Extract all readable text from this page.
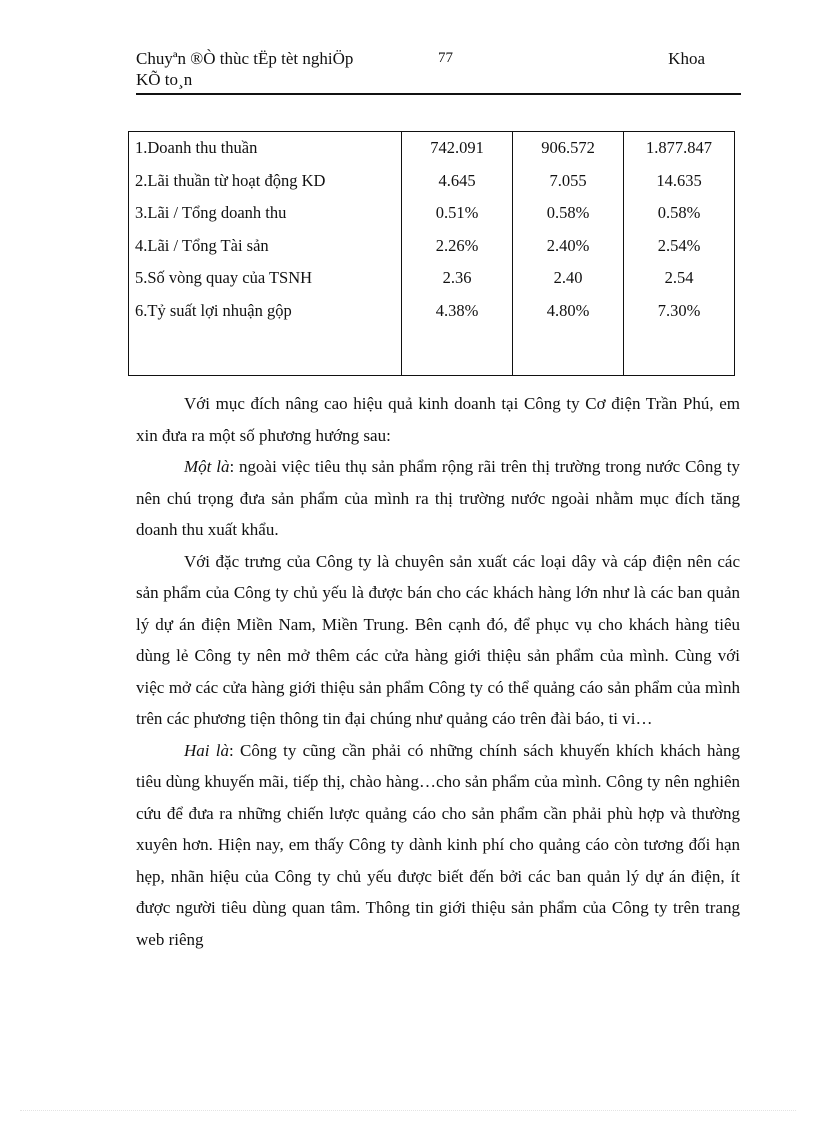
Chuyªn ®Ò thùc tËp tèt nghiÖp
KÕ to¸n
77	Khoa
1.Doanh thu thuần	742.091	906.572	1.877.847
2.Lãi thuần từ hoạt động KD	4.645	7.055	14.635
3.Lãi / Tổng doanh thu	0.51%	0.58%	0.58%
4.Lãi / Tổng Tài sản	2.26%	2.40%	2.54%
5.Số vòng quay của TSNH	2.36	2.40	2.54
6.Tỷ suất lợi nhuận gộp	4.38%	4.80%	7.30%

Với mục đích nâng cao hiệu quả kinh doanh tại Công ty Cơ điện Trần Phú, em xin đưa ra một số phương hướng sau:

Một là: ngoài việc tiêu thụ sản phẩm rộng rãi trên thị trường trong nước Công ty nên chú trọng đưa sản phẩm của mình ra thị trường nước ngoài nhằm mục đích tăng doanh thu xuất khẩu.

Với đặc trưng của Công ty là chuyên sản xuất các loại dây và cáp điện nên các sản phẩm của Công ty chủ yếu là được bán cho các khách hàng lớn như là các ban quản lý dự án điện Miền Nam, Miền Trung. Bên cạnh đó, để phục vụ cho khách hàng tiêu dùng lẻ Công ty nên mở thêm các cửa hàng giới thiệu sản phẩm của mình. Cùng với việc mở các cửa hàng giới thiệu sản phẩm Công ty có thể quảng cáo sản phẩm của mình trên các phương tiện thông tin đại chúng như quảng cáo trên đài báo, ti vi…

Hai là: Công ty cũng cần phải có những chính sách khuyến khích khách hàng tiêu dùng khuyến mãi, tiếp thị, chào hàng…cho sản phẩm của mình. Công ty nên nghiên cứu để đưa ra những chiến lược quảng cáo cho sản phẩm cần phải phù hợp và thường xuyên hơn. Hiện nay, em thấy Công ty dành kinh phí cho quảng cáo còn tương đối hạn hẹp, nhãn hiệu của Công ty chủ yếu được biết đến bởi các ban quản lý dự án điện, ít được người tiêu dùng quan tâm. Thông tin giới thiệu sản phẩm của Công ty trên trang web riêng
